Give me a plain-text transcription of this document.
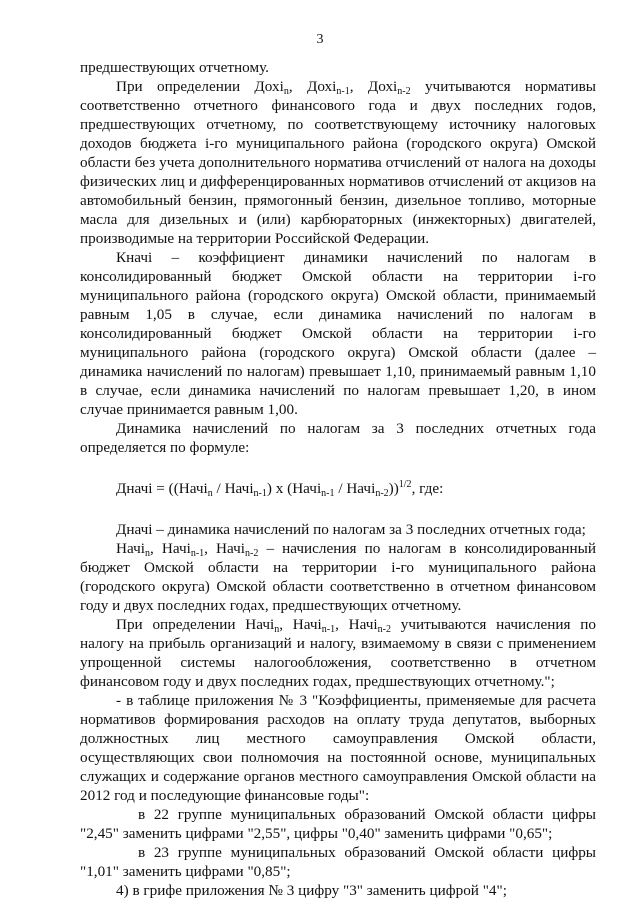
3

предшествующих отчетному.

При определении Дохі$_n$, Дохі$_{n-1}$, Дохі$_{n-2}$ учитываются нормативы соответственно отчетного финансового года и двух последних годов, предшествующих отчетному, по соответствующему источнику налоговых доходов бюджета і-го муниципального района (городского округа) Омской области без учета дополнительного норматива отчислений от налога на доходы физических лиц и дифференцированных нормативов отчислений от акцизов на автомобильный бензин, прямогонный бензин, дизельное топливо, моторные масла для дизельных и (или) карбюраторных (инжекторных) двигателей, производимые на территории Российской Федерации.

Кначі – коэффициент динамики начислений по налогам в консолидированный бюджет Омской области на территории і-го муниципального района (городского округа) Омской области, принимаемый равным 1,05 в случае, если динамика начислений по налогам в консолидированный бюджет Омской области на территории і-го муниципального района (городского округа) Омской области (далее – динамика начислений по налогам) превышает 1,10, принимаемый равным 1,10 в случае, если динамика начислений по налогам превышает 1,20, в ином случае принимается равным 1,00.

Динамика начислений по налогам за 3 последних отчетных года определяется по формуле:

Дначі = ((Начі$_n$ / Начі$_{n-1}$) x (Начі$_{n-1}$ / Начі$_{n-2}$))$^{1/2}$, где:

Дначі – динамика начислений по налогам за 3 последних отчетных года;

Начі$_n$, Начі$_{n-1}$, Начі$_{n-2}$ – начисления по налогам в консолидированный бюджет Омской области на территории і-го муниципального района (городского округа) Омской области соответственно в отчетном финансовом году и двух последних годах, предшествующих отчетному.

При определении Начі$_n$, Начі$_{n-1}$, Начі$_{n-2}$ учитываются начисления по налогу на прибыль организаций и налогу, взимаемому в связи с применением упрощенной системы налогообложения, соответственно в отчетном финансовом году и двух последних годах, предшествующих отчетному.";

- в таблице приложения № 3 "Коэффициенты, применяемые для расчета нормативов формирования расходов на оплату труда депутатов, выборных должностных лиц местного самоуправления Омской области, осуществляющих свои полномочия на постоянной основе, муниципальных служащих и содержание органов местного самоуправления Омской области на 2012 год и последующие финансовые годы":

в 22 группе муниципальных образований Омской области цифры "2,45" заменить цифрами "2,55", цифры "0,40" заменить цифрами "0,65";

в 23 группе муниципальных образований Омской области цифры "1,01" заменить цифрами "0,85";

4) в грифе приложения № 3 цифру "3" заменить цифрой "4";
